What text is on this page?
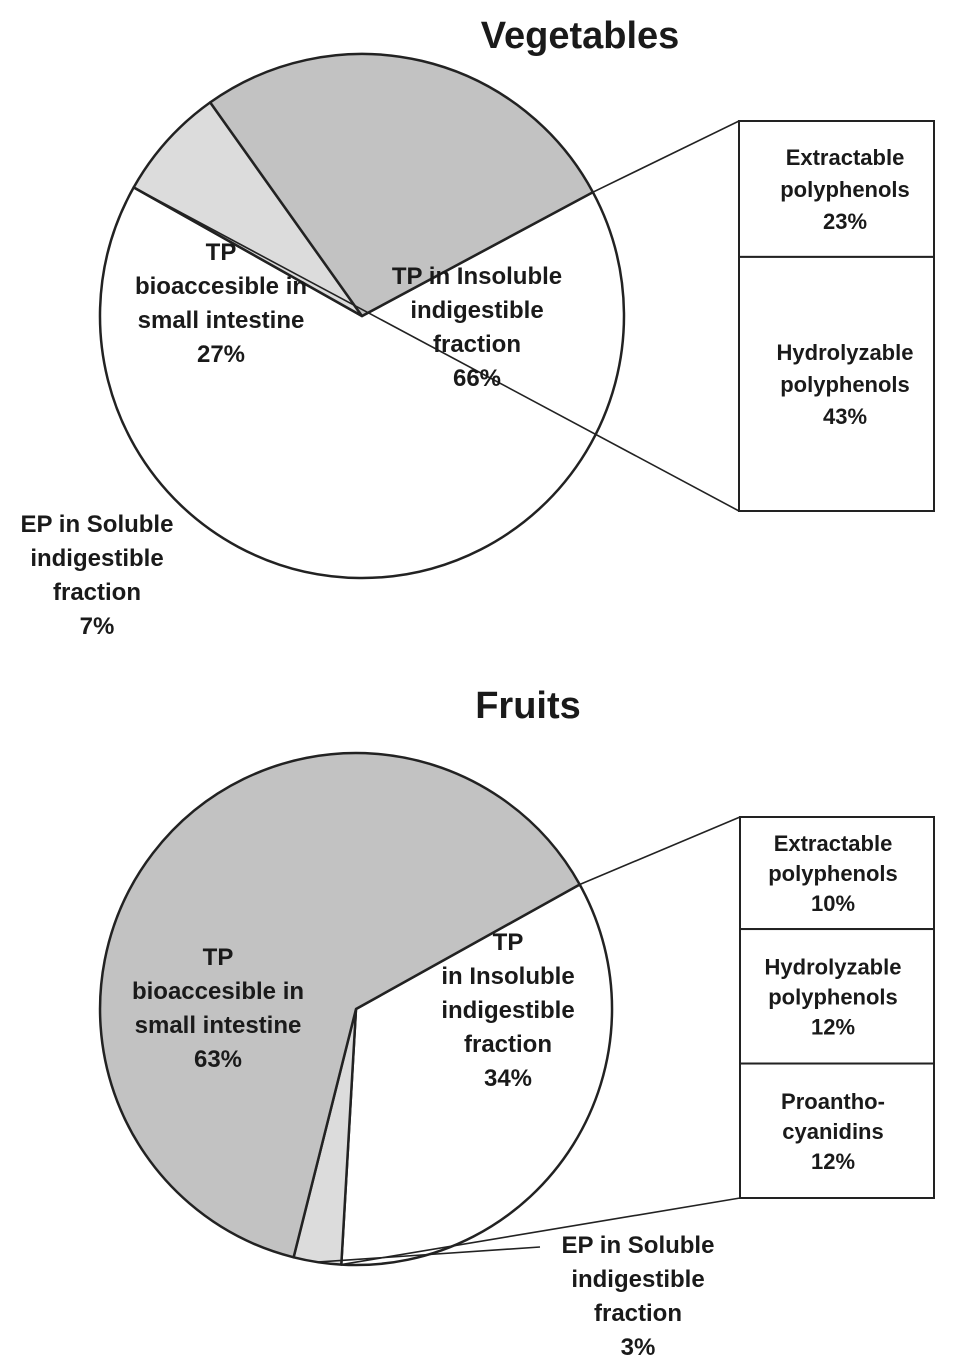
Vegetables
Extractable
polyphenols
23%
Hydrolyzable
polyphenols
43%
TP in Insoluble
indigestible
fraction
66%
EP in Soluble
indigestible
fraction
7%
TP
bioaccesible in
small intestine
27%
Fruits
Extractable
polyphenols
10%
Hydrolyzable
polyphenols
12%
Proantho-
cyanidins
12%
TP
in Insoluble
indigestible
fraction
34%
EP in Soluble
indigestible
fraction
3%
TP
bioaccesible in
small intestine
63%
